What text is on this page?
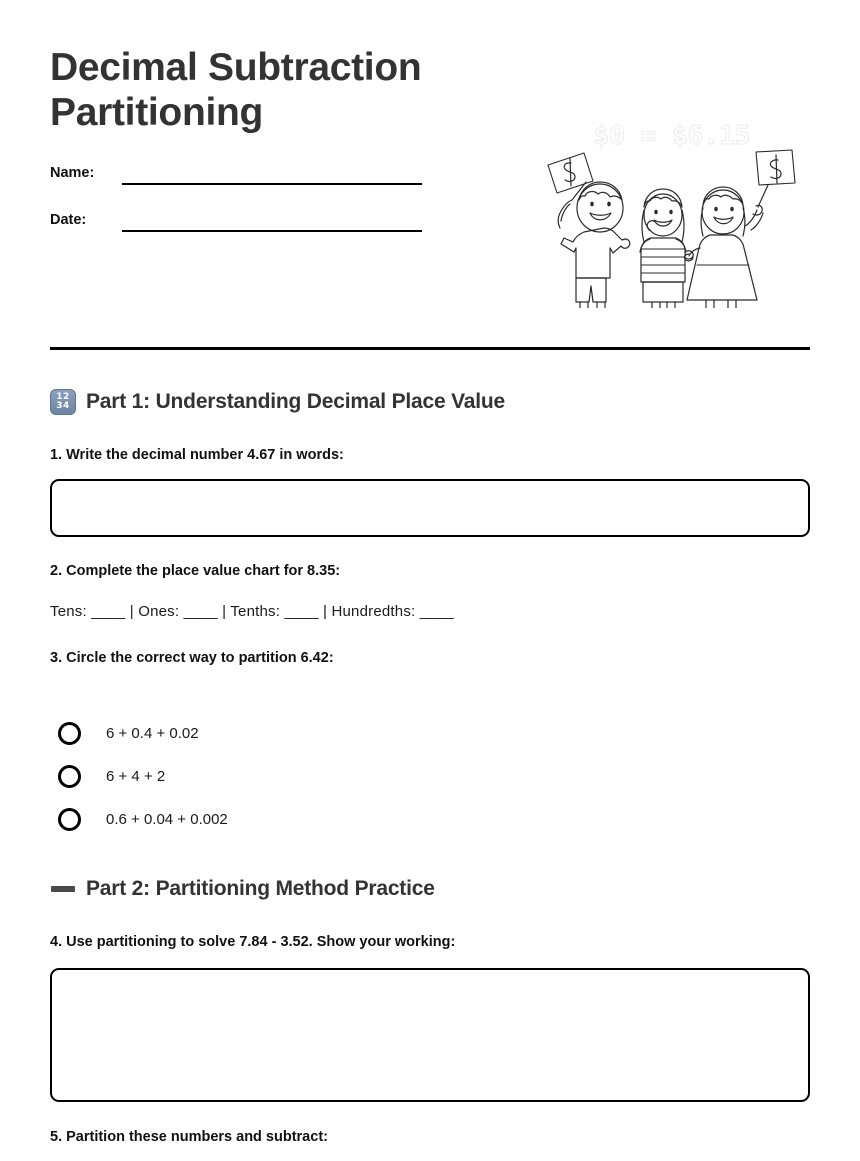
Decimal Subtraction Partitioning
Name:
Date:
$0 = $6.15
12
34 Part 1: Understanding Decimal Place Value
1. Write the decimal number 4.67 in words:
2. Complete the place value chart for 8.35:
Tens: ____ | Ones: ____ | Tenths: ____ | Hundredths: ____
3. Circle the correct way to partition 6.42:
6 + 0.4 + 0.02
6 + 4 + 2
0.6 + 0.04 + 0.002
Part 2: Partitioning Method Practice
4. Use partitioning to solve 7.84 - 3.52. Show your working:
5. Partition these numbers and subtract:
